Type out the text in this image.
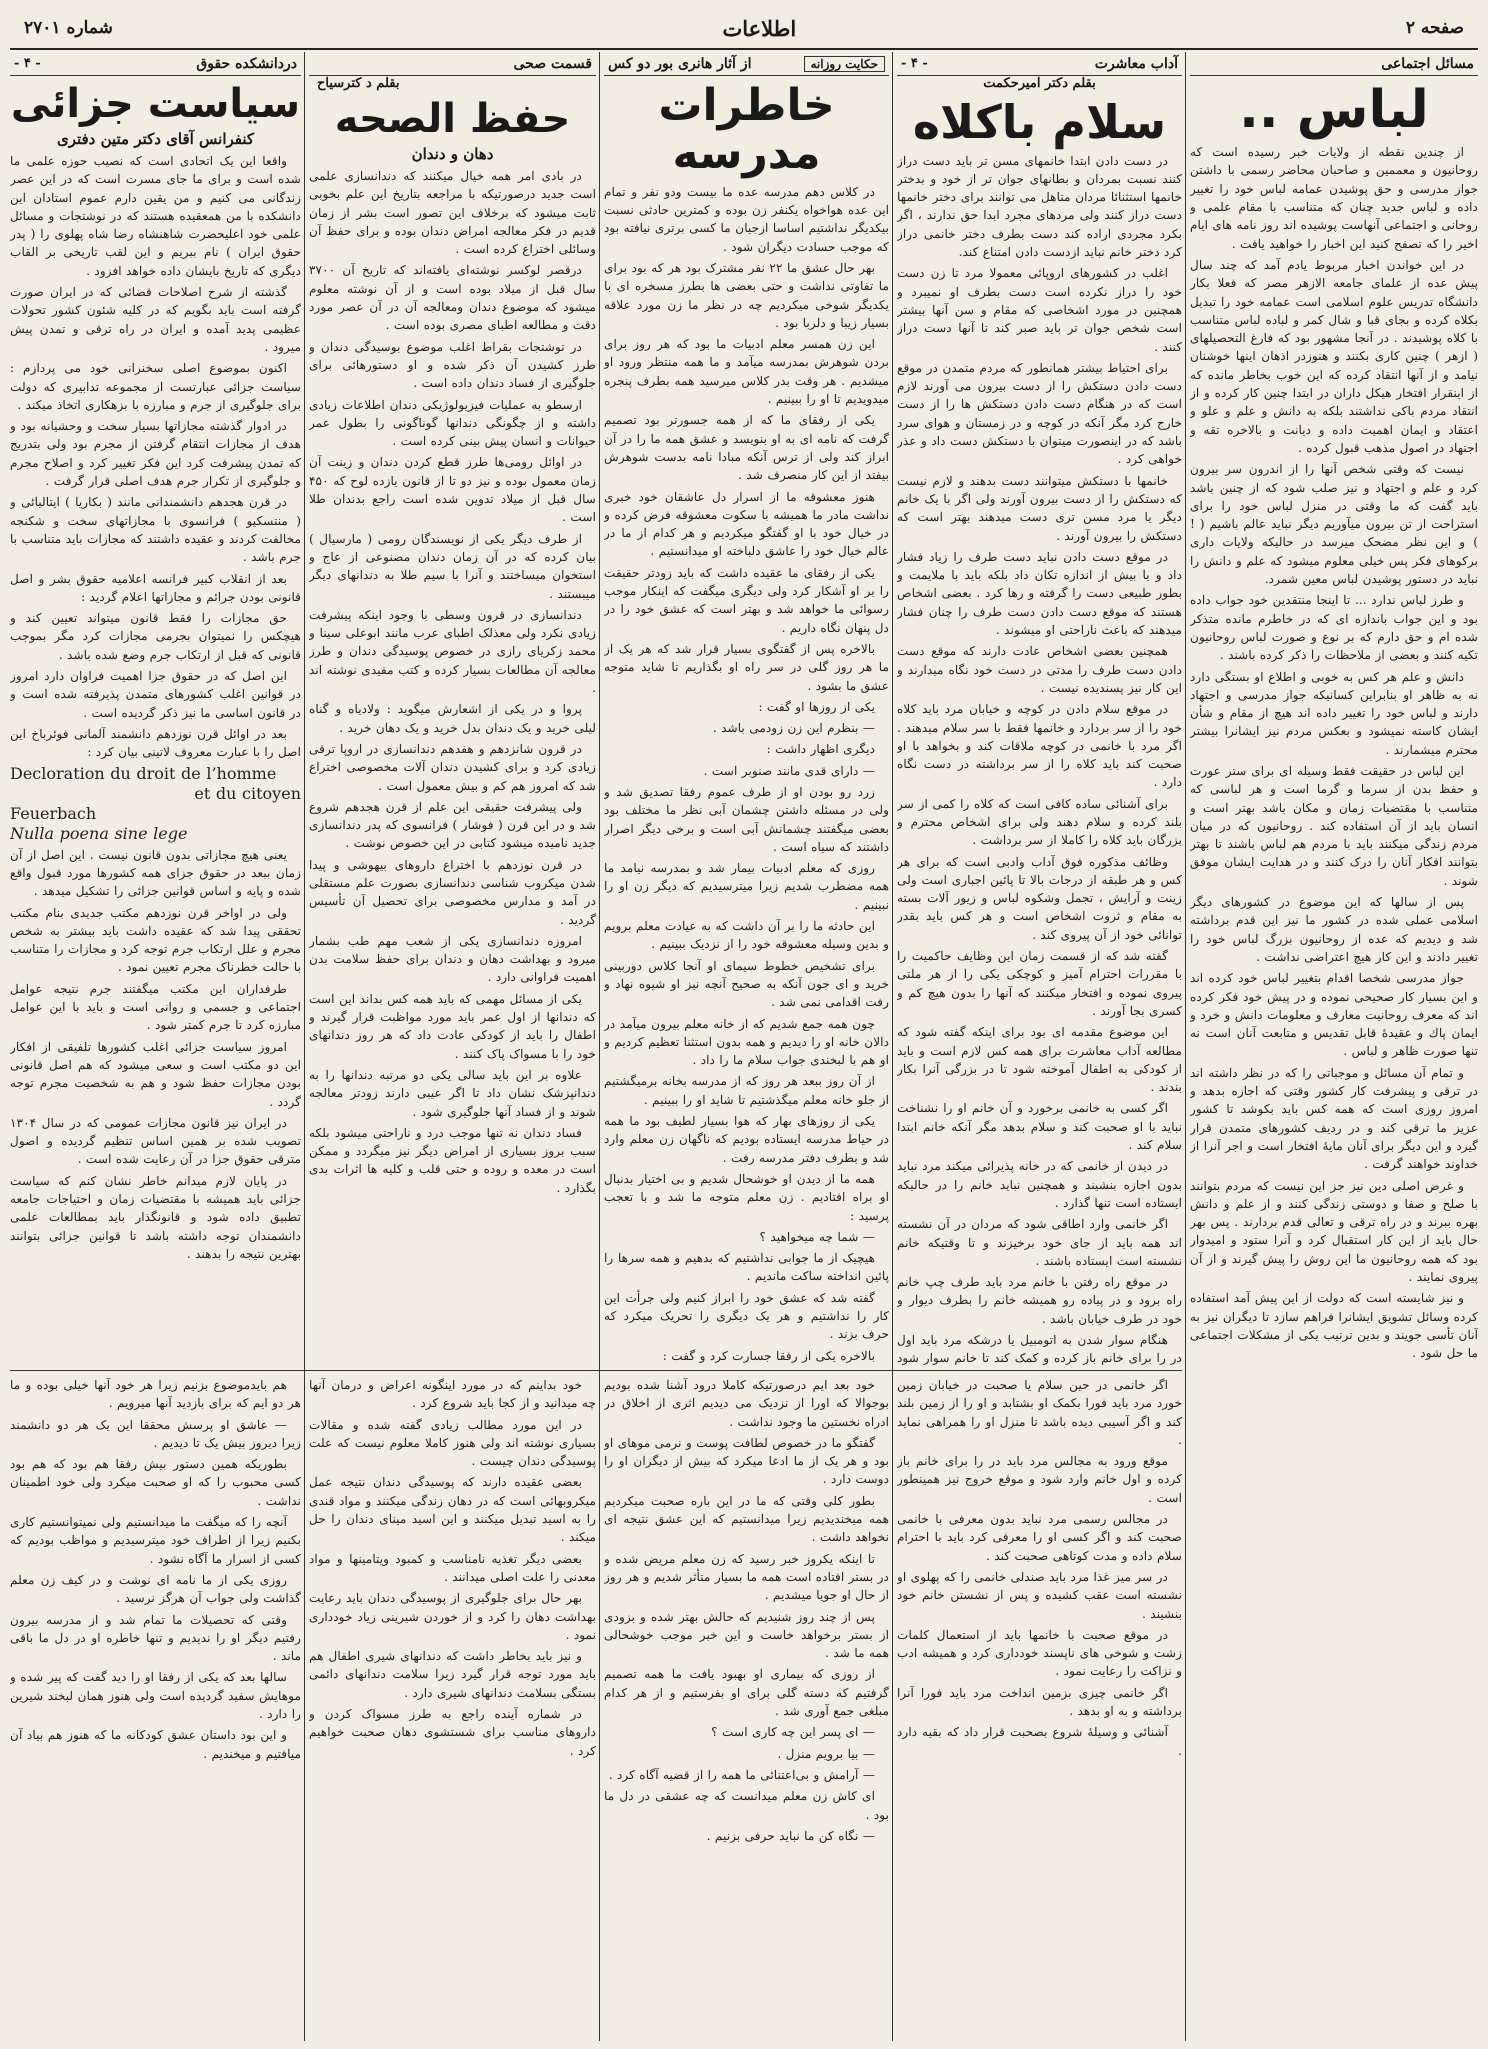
صفحه ۲
اطلاعات
شماره ۲۷۰۱
مسائل اجتماعی
لباس ..

از چندین نقطه از ولایات خبر رسیده است که روحانیون و معممین و صاحبان محاضر رسمی با داشتن جواز مدرسی و حق پوشیدن عمامه لباس خود را تغییر داده و لباس جدید چنان که متناسب با مقام علمی و روحانی و اجتماعی آنهاست پوشیده اند روز نامه های ایام اخیر را که تصفح کنید این اخبار را خواهید یافت .

در این خواندن اخبار مربوط یادم آمد که چند سال پیش عده از علمای جامعه الازهر مصر که فعلا بکار دانشگاه تدریس علوم اسلامی است عمامه خود را تبدیل بکلاه کرده و بجای قبا و شال کمر و لباده لباس متناسب با کلاه پوشیدند . در آنجا مشهور بود که فارغ التحصیلهای ( ازهر ) چنین کاری بکنند و هنوزدر اذهان اینها خوشنان نیامد و از آنها انتقاد کرده که این خوب بخاطر مانده که از اینقرار افتخار هیکل داران در ابتدا چنین کار کرده و از انتقاد مردم باکی نداشتند بلکه به دانش و علم و علو و اعتقاد و ایمان اهمیت داده و دیانت و بالاخره تقه و اجتهاد در اصول مذهب قبول کرده .

نیست که وقتی شخص آنها را از اندرون سر بیرون کرد و علم و اجتهاد و نیز صلب شود که از چنین باشد باید گفت که ما وقتی در منزل لباس خود را برای استراحت از تن بیرون میآوریم دیگر نباید عالم باشیم ( ! ) و این نظر مضحک میرسد در حالیکه ولایات داری برکوهای فکر پس خیلی معلوم میشود که علم و دانش را نباید در دستور پوشیدن لباس معین شمرد.

و طرز لباس ندارد ... تا اینجا منتقدین خود جواب داده بود و این جواب باندازه ای که در خاطرم مانده متذکر شده ام و حق دارم که بر نوع و صورت لباس روحانیون تکیه کنند و بعضی از ملاحظات را ذکر کرده باشند .

دانش و علم هر کس به خوبی و اطلاع او بستگی دارد نه به ظاهر او بنابراین کسانیکه جواز مدرسی و اجتهاد دارند و لباس خود را تغییر داده اند هیچ از مقام و شأن ایشان کاسته نمیشود و بعکس مردم نیز ایشانرا بیشتر محترم میشمارند .

این لباس در حقیقت فقط وسیله ای برای ستر عورت و حفظ بدن از سرما و گرما است و هر لباسی که متناسب با مقتضیات زمان و مکان باشد بهتر است و انسان باید از آن استفاده کند . روحانیون که در میان مردم زندگی میکنند باید با مردم هم لباس باشند تا بهتر بتوانند افکار آنان را درک کنند و در هدایت ایشان موفق شوند .

پس از سالها که این موضوع در کشورهای دیگر اسلامی عملی شده در کشور ما نیز این قدم برداشته شد و دیدیم که عده از روحانیون بزرگ لباس خود را تغییر دادند و این کار هیچ اعتراضی نداشت .

جواز مدرسی شخصا اقدام بتغییر لباس خود کرده اند و این بسیار کار صحیحی نموده و در پیش خود فکر کرده اند که معرف روحانیت معارف و معلومات دانش و خرد و ایمان پاك و عقیدهٔ قابل تقدیس و متابعت آنان است نه تنها صورت ظاهر و لباس .

و تمام آن مسائل و موجباتی را که در نظر داشته اند در ترقی و پیشرفت کار کشور وقتی که اجازه بدهد و امروز روزی است که همه کس باید بکوشد تا کشور عزیز ما ترقی کند و در ردیف کشورهای متمدن قرار گیرد و این دیگر برای آنان مایهٔ افتخار است و اجر آنرا از خداوند خواهند گرفت .

و غرض اصلی دین نیز جز این نیست که مردم بتوانند با صلح و صفا و دوستی زندگی کنند و از علم و دانش بهره ببرند و در راه ترقی و تعالی قدم بردارند . پس بهر حال باید از این کار استقبال کرد و آنرا ستود و امیدوار بود که همه روحانیون ما این روش را پیش گیرند و از آن پیروی نمایند .

و نیز شایسته است که دولت از این پیش آمد استفاده کرده وسائل تشویق ایشانرا فراهم سازد تا دیگران نیز به آنان تأسی جویند و بدین ترتیب یکی از مشکلات اجتماعی ما حل شود .

آداب معاشرت
- ۴ -
بقلم دکتر امیرحکمت
سلام باکلاه

در دست دادن ابتدا خانمهای مسن تر باید دست دراز کنند نسبت بمردان و بطانهای جوان تر از خود و بدختر خانمها استثنائا مردان متاهل می توانند برای دختر خانمها دست دراز کنند ولی مردهای مجرد ابدا حق ندارند ، اگر بکرد مجردی اراده کند دست بطرف دختر خانمی دراز کرد دختر خانم نباید ازدست دادن امتناع کند.

اغلب در کشورهای اروپائی معمولا مرد تا زن دست خود را دراز نکرده است دست بطرف او نمیبرد و همچنین در مورد اشخاصی که مقام و سن آنها بیشتر است شخص جوان تر باید صبر کند تا آنها دست دراز کنند .

برای احتیاط بیشتر همانطور که مردم متمدن در موقع دست دادن دستکش را از دست بیرون می آورند لازم است که در هنگام دست دادن دستکش ها را از دست خارج کرد مگر آنکه در کوچه و در زمستان و هوای سرد باشد که در اینصورت میتوان با دستکش دست داد و عذر خواهی کرد .

خانمها با دستکش میتوانند دست بدهند و لازم نیست که دستکش را از دست بیرون آورند ولی اگر با یک خانم دیگر یا مرد مسن تری دست میدهند بهتر است که دستکش را بیرون آورند .

در موقع دست دادن نباید دست طرف را زیاد فشار داد و یا بیش از اندازه تکان داد بلکه باید با ملایمت و بطور طبیعی دست را گرفته و رها کرد . بعضی اشخاص هستند که موقع دست دادن دست طرف را چنان فشار میدهند که باعث ناراحتی او میشوند .

همچنین بعضی اشخاص عادت دارند که موقع دست دادن دست طرف را مدتی در دست خود نگاه میدارند و این کار نیز پسندیده نیست .

در موقع سلام دادن در کوچه و خیابان مرد باید کلاه خود را از سر بردارد و خانمها فقط با سر سلام میدهند . اگر مرد با خانمی در کوچه ملاقات کند و بخواهد با او صحبت کند باید کلاه را از سر برداشته در دست نگاه دارد .

برای آشنائی ساده کافی است که کلاه را کمی از سر بلند کرده و سلام دهند ولی برای اشخاص محترم و بزرگان باید کلاه را کاملا از سر برداشت .

وظائف مذکوره فوق آداب وادبی است که برای هر کس و هر طبقه از درجات بالا تا پائین اجباری است ولی زینت و آرایش ، تجمل وشکوه لباس و زیور آلات بسته به مقام و ثروت اشخاص است و هر کس باید بقدر توانائی خود از آن پیروی کند .

گفته شد که از قسمت زمان این وظایف حاکمیت را با مقررات احترام آمیز و کوچکی یکی را از هر ملتی پیروی نموده و افتخار میکنند که آنها را بدون هیچ کم و کسری بجا آورند .

این موضوع مقدمه ای بود برای اینکه گفته شود که مطالعه آداب معاشرت برای همه کس لازم است و باید از کودکی به اطفال آموخته شود تا در بزرگی آنرا بکار بندند .

اگر کسی به خانمی برخورد و آن خانم او را نشناخت نباید با او صحبت کند و سلام بدهد مگر آنکه خانم ابتدا سلام کند .

در دیدن از خانمی که در خانه پذیرائی میکند مرد نباید بدون اجازه بنشیند و همچنین نباید خانم را در حالیکه ایستاده است تنها گذارد .

اگر خانمی وارد اطاقی شود که مردان در آن نشسته اند همه باید از جای خود برخیزند و تا وقتیکه خانم نشسته است ایستاده باشند .

در موقع راه رفتن با خانم مرد باید طرف چپ خانم راه برود و در پیاده رو همیشه خانم را بطرف دیوار و خود در طرف خیابان باشد .

هنگام سوار شدن به اتومبیل یا درشکه مرد باید اول در را برای خانم باز کرده و کمک کند تا خانم سوار شود

حکایت روزانه
از آثار هانری بور دو کس
خاطرات مدرسه

در کلاس دهم مدرسه عده ما بیست ودو نفر و تمام این عده هواخواه یکنفر زن بوده و کمترین حادثی نسبت بیکدیگر نداشتیم اساسا ازجیان ما کسی برتری نیافته بود که موجب حسادت دیگران شود .

بهر حال عشق ما ۲۲ نفر مشترک بود هر که بود برای ما تفاوتی نداشت و حتی بعضی ها بطرز مسخره ای با یکدیگر شوخی میکردیم چه در نظر ما زن مورد علاقه بسیار زیبا و دلربا بود .

این زن همسر معلم ادبیات ما بود که هر روز برای بردن شوهرش بمدرسه میآمد و ما همه منتظر ورود او میشدیم . هر وقت بدر کلاس میرسید همه بطرف پنجره میدویدیم تا او را ببینیم .

یکی از رفقای ما که از همه جسورتر بود تصمیم گرفت که نامه ای به او بنویسد و عشق همه ما را در آن ابراز کند ولی از ترس آنکه مبادا نامه بدست شوهرش بیفتد از این کار منصرف شد .

هنوز معشوقه ما از اسرار دل عاشقان خود خبری نداشت مادر ما همیشه با سکوت معشوقه فرض کرده و در خیال خود با او گفتگو میکردیم و هر کدام از ما در عالم خیال خود را عاشق دلباخته او میدانستیم .

یکی از رفقای ما عقیده داشت که باید زودتر حقیقت را بر او آشکار کرد ولی دیگری میگفت که اینکار موجب رسوائی ما خواهد شد و بهتر است که عشق خود را در دل پنهان نگاه داریم .

بالاخره پس از گفتگوی بسیار قرار شد که هر یک از ما هر روز گلی در سر راه او بگذاریم تا شاید متوجه عشق ما بشود .

یکی از روزها او گفت :

— بنظرم این زن زودمی باشد .

دیگری اظهار داشت :

— دارای قدی مانند صنوبر است .

زرد رو بودن او از طرف عموم رفقا تصدیق شد و ولی در مسئله داشتن چشمان آبی نظر ما مختلف بود بعضی میگفتند چشمانش آبی است و برخی دیگر اصرار داشتند که سیاه است .

روزی که معلم ادبیات بیمار شد و بمدرسه نیامد ما همه مضطرب شدیم زیرا میترسیدیم که دیگر زن او را نبینیم .

این حادثه ما را بر آن داشت که به عیادت معلم برویم و بدین وسیله معشوقه خود را از نزدیک ببینیم .

برای تشخیص خطوط سیمای او آنجا کلاس دوربینی خرید و ای جون آنکه به صحیح آنچه نیز او شیوه نهاد و رفت اقدامی نمی شد .

چون همه جمع شدیم که از خانه معلم بیرون میآمد در دالان خانه او را دیدیم و همه بدون استثنا تعظیم کردیم و او هم با لبخندی جواب سلام ما را داد .

از آن روز ببعد هر روز که از مدرسه بخانه برمیگشتیم از جلو خانه معلم میگذشتیم تا شاید او را ببینیم .

یکی از روزهای بهار که هوا بسیار لطیف بود ما همه در حیاط مدرسه ایستاده بودیم که ناگهان زن معلم وارد شد و بطرف دفتر مدرسه رفت .

همه ما از دیدن او خوشحال شدیم و بی اختیار بدنبال او براه افتادیم . زن معلم متوجه ما شد و با تعجب پرسید :

— شما چه میخواهید ؟

هیچیک از ما جوابی نداشتیم که بدهیم و همه سرها را پائین انداخته ساکت ماندیم .

گفته شد که عشق خود را ابراز کنیم ولی جرأت این کار را نداشتیم و هر یک دیگری را تحریک میکرد که حرف بزند .

بالاخره یکی از رفقا جسارت کرد و گفت :

قسمت صحی
بقلم د کترسیاح
حفظ الصحه
دهان و دندان

در بادی امر همه خیال میکنند که دندانسازی علمی است جدید درصورتیکه با مراجعه بتاریخ این علم بخوبی ثابت میشود که برخلاف این تصور است بشر از زمان قدیم در فکر معالجه امراض دندان بوده و برای حفظ آن وسائلی اختراع کرده است .

درقصر لوکسر نوشته‌ای یافته‌اند که تاریخ آن ۳۷۰۰ سال قبل از میلاد بوده است و از آن نوشته معلوم میشود که موضوع دندان ومعالجه آن در آن عصر مورد دقت و مطالعه اطبای مصری بوده است .

در توشتجات بقراط اغلب موضوع بوسیدگی دندان و طرز کشیدن آن ذکر شده و او دستورهائی برای جلوگیری از فساد دندان داده است .

ارسطو به عملیات فیزیولوژیکی دندان اطلاعات زیادی داشته و از چگونگی دندانها گوناگونی را بطول عمر حیوانات و انسان پیش بینی کرده است .

در اوائل رومی‌ها طرز قطع کردن دندان و زینت آن زمان معمول بوده و نیز دو تا از قانون یازده لوح که ۴۵۰ سال قبل از میلاد تدوین شده است راجع بدندان طلا است .

از طرف دیگر یکی از نویسندگان رومی ( مارسیال ) بیان کرده که در آن زمان دندان مصنوعی از عاج و استخوان میساختند و آنرا با سیم طلا به دندانهای دیگر میبستند .

دندانسازی در قرون وسطی با وجود اینکه پیشرفت زیادی نکرد ولی معذلک اطبای عرب مانند ابوعلی سینا و محمد زکریای رازی در خصوص پوسیدگی دندان و طرز معالجه آن مطالعات بسیار کرده و کتب مفیدی نوشته اند .

پروا و در یکی از اشعارش میگوید : ولادیاه و گناه لیلی خرید و یک دندان بدل خرید و یک دهان خرید .

در قرون شانزدهم و هفدهم دندانسازی در اروپا ترقی زیادی کرد و برای کشیدن دندان آلات مخصوصی اختراع شد که امروز هم کم و بیش معمول است .

ولی پیشرفت حقیقی این علم از قرن هجدهم شروع شد و در این قرن ( فوشار ) فرانسوی که پدر دندانسازی جدید نامیده میشود کتابی در این خصوص نوشت .

در قرن نوزدهم با اختراع داروهای بیهوشی و پیدا شدن میکروب شناسی دندانسازی بصورت علم مستقلی در آمد و مدارس مخصوصی برای تحصیل آن تأسیس گردید .

امروزه دندانسازی یکی از شعب مهم طب بشمار میرود و بهداشت دهان و دندان برای حفظ سلامت بدن اهمیت فراوانی دارد .

یکی از مسائل مهمی که باید همه کس بداند این است که دندانها از اول عمر باید مورد مواظبت قرار گیرند و اطفال را باید از کودکی عادت داد که هر روز دندانهای خود را با مسواک پاک کنند .

علاوه بر این باید سالی یکی دو مرتبه دندانها را به دندانپزشک نشان داد تا اگر عیبی دارند زودتر معالجه شوند و از فساد آنها جلوگیری شود .

فساد دندان نه تنها موجب درد و ناراحتی میشود بلکه سبب بروز بسیاری از امراض دیگر نیز میگردد و ممکن است در معده و روده و حتی قلب و کلیه ها اثرات بدی بگذارد .

دردانشکده حقوق
- ۴ -
سیاست جزائی
کنفرانس آقای دکتر متین دفتری

واقعا این یک اتحادی است که نصیب حوزه علمی ما شده است و برای ما جای مسرت است که در این عصر زندگانی می کنیم و من یقین دارم عموم استادان این دانشکده با من همعقیده هستند که در نوشتجات و مسائل علمی خود اعلیحضرت شاهنشاه رضا شاه پهلوی را ( پدر حقوق ایران ) نام ببریم و این لقب تاریخی بر القاب دیگری که تاریخ بایشان داده خواهد افزود .

گذشته از شرح اصلاحات قضائی که در ایران صورت گرفته است باید بگویم که در کلیه شئون کشور تحولات عظیمی پدید آمده و ایران در راه ترقی و تمدن پیش میرود .

اکنون بموضوع اصلی سخنرانی خود می پردازم : سیاست جزائی عبارتست از مجموعه تدابیری که دولت برای جلوگیری از جرم و مبارزه با بزهکاری اتخاذ میکند .

در ادوار گذشته مجازاتها بسیار سخت و وحشیانه بود و هدف از مجازات انتقام گرفتن از مجرم بود ولی بتدریج که تمدن پیشرفت کرد این فکر تغییر کرد و اصلاح مجرم و جلوگیری از تکرار جرم هدف اصلی قرار گرفت .

در قرن هجدهم دانشمندانی مانند ( بکاریا ) ایتالیائی و ( منتسکیو ) فرانسوی با مجازاتهای سخت و شکنجه مخالفت کردند و عقیده داشتند که مجازات باید متناسب با جرم باشد .

بعد از انقلاب کبیر فرانسه اعلامیه حقوق بشر و اصل قانونی بودن جرائم و مجازاتها اعلام گردید :

حق مجازات را فقط قانون میتواند تعیین کند و هیچکس را نمیتوان بجرمی مجازات کرد مگر بموجب قانونی که قبل از ارتکاب جرم وضع شده باشد .

این اصل که در حقوق جزا اهمیت فراوان دارد امروز در قوانین اغلب کشورهای متمدن پذیرفته شده است و در قانون اساسی ما نیز ذکر گردیده است .

بعد در اوائل قرن نوزدهم دانشمند آلمانی فوئرباخ این اصل را با عبارت معروف لاتینی بیان کرد :

Decloration du droit de l’homme
et du citoyen
Feuerbach
Nulla poena sine lege

یعنی هیچ مجازاتی بدون قانون نیست . این اصل از آن زمان ببعد در حقوق جزای همه کشورها مورد قبول واقع شده و پایه و اساس قوانین جزائی را تشکیل میدهد .

ولی در اواخر قرن نوزدهم مکتب جدیدی بنام مکتب تحققی پیدا شد که عقیده داشت باید بیشتر به شخص مجرم و علل ارتکاب جرم توجه کرد و مجازات را متناسب با حالت خطرناک مجرم تعیین نمود .

طرفداران این مکتب میگفتند جرم نتیجه عوامل اجتماعی و جسمی و روانی است و باید با این عوامل مبارزه کرد تا جرم کمتر شود .

امروز سیاست جزائی اغلب کشورها تلفیقی از افکار این دو مکتب است و سعی میشود که هم اصل قانونی بودن مجازات حفظ شود و هم به شخصیت مجرم توجه گردد .

در ایران نیز قانون مجازات عمومی که در سال ۱۳۰۴ تصویب شده بر همین اساس تنظیم گردیده و اصول مترقی حقوق جزا در آن رعایت شده است .

در پایان لازم میدانم خاطر نشان کنم که سیاست جزائی باید همیشه با مقتضیات زمان و احتیاجات جامعه تطبیق داده شود و قانونگذار باید بمطالعات علمی دانشمندان توجه داشته باشد تا قوانین جزائی بتوانند بهترین نتیجه را بدهند .

اگر خانمی در حین سلام یا صحبت در خیابان زمین خورد مرد باید فورا بکمک او بشتابد و او را از زمین بلند کند و اگر آسیبی دیده باشد تا منزل او را همراهی نماید .

موقع ورود به مجالس مرد باید در را برای خانم باز کرده و اول خانم وارد شود و موقع خروج نیز همینطور است .

در مجالس رسمی مرد نباید بدون معرفی با خانمی صحبت کند و اگر کسی او را معرفی کرد باید با احترام سلام داده و مدت کوتاهی صحبت کند .

در سر میز غذا مرد باید صندلی خانمی را که پهلوی او نشسته است عقب کشیده و پس از نشستن خانم خود بنشیند .

در موقع صحبت با خانمها باید از استعمال کلمات زشت و شوخی های ناپسند خودداری کرد و همیشه ادب و نزاکت را رعایت نمود .

اگر خانمی چیزی بزمین انداخت مرد باید فورا آنرا برداشته و به او بدهد .

آشنائی و وسیلهٔ شروع بصحبت قرار داد که بقیه دارد .

خود بعد ایم درصورتیکه کاملا درود آشنا شده بودیم بوجوالا که اورا از نزدیک می دیدیم اثری از اخلاق در ادراه نخستین ما وجود نداشت .

گفتگو ما در خصوص لطافت پوست و نرمی موهای او بود و هر یک از ما ادعا میکرد که بیش از دیگران او را دوست دارد .

بطور کلی وقتی که ما در این باره صحبت میکردیم همه میخندیدیم زیرا میدانستیم که این عشق نتیجه ای نخواهد داشت .

تا اینکه یکروز خبر رسید که زن معلم مریض شده و در بستر افتاده است همه ما بسیار متأثر شدیم و هر روز از حال او جویا میشدیم .

پس از چند روز شنیدیم که حالش بهتر شده و بزودی از بستر برخواهد خاست و این خبر موجب خوشحالی همه ما شد .

از روزی که بیماری او بهبود یافت ما همه تصمیم گرفتیم که دسته گلی برای او بفرستیم و از هر کدام مبلغی جمع آوری شد .

— ای پسر این چه کاری است ؟

— بیا برویم منزل .

— آرامش و بی‌اعتنائی ما همه را از قضیه آگاه کرد .

ای کاش زن معلم میدانست که چه عشقی در دل ما بود .

— نگاه کن ما نباید حرفی بزنیم .

خود بداینم که در مورد اینگونه اعراض و درمان آنها چه میدانید و از کجا باید شروع کرد .

در این مورد مطالب زیادی گفته شده و مقالات بسیاری نوشته اند ولی هنوز کاملا معلوم نیست که علت پوسیدگی دندان چیست .

بعضی عقیده دارند که پوسیدگی دندان نتیجه عمل میکروبهائی است که در دهان زندگی میکنند و مواد قندی را به اسید تبدیل میکنند و این اسید مینای دندان را حل میکند .

بعضی دیگر تغذیه نامناسب و کمبود ویتامینها و مواد معدنی را علت اصلی میدانند .

بهر حال برای جلوگیری از پوسیدگی دندان باید رعایت بهداشت دهان را کرد و از خوردن شیرینی زیاد خودداری نمود .

و نیز باید بخاطر داشت که دندانهای شیری اطفال هم باید مورد توجه قرار گیرد زیرا سلامت دندانهای دائمی بستگی بسلامت دندانهای شیری دارد .

در شماره آینده راجع به طرز مسواک کردن و داروهای مناسب برای شستشوی دهان صحبت خواهیم کرد .

هم بایدموضوع بزنیم زیرا هر خود آنها خیلی بوده و ما هر دو ایم که برای بازدید آنها میرویم .

— عاشق او پرسش محققا این یک هر دو دانشمند زیرا دیروز بیش یک تا دیدیم .

بطوریکه همین دستور بیش رفقا هم بود که هم بود کسی محبوب را که او صحبت میکرد ولی خود اطمینان نداشت .

آنچه را که میگفت ما میدانستیم ولی نمیتوانستیم کاری بکنیم زیرا از اطراف خود میترسیدیم و مواظب بودیم که کسی از اسرار ما آگاه نشود .

روزی یکی از ما نامه ای نوشت و در کیف زن معلم گذاشت ولی جواب آن هرگز نرسید .

وقتی که تحصیلات ما تمام شد و از مدرسه بیرون رفتیم دیگر او را ندیدیم و تنها خاطره او در دل ما باقی ماند .

سالها بعد که یکی از رفقا او را دید گفت که پیر شده و موهایش سفید گردیده است ولی هنوز همان لبخند شیرین را دارد .

و این بود داستان عشق کودکانه ما که هنوز هم بیاد آن میافتیم و میخندیم .
